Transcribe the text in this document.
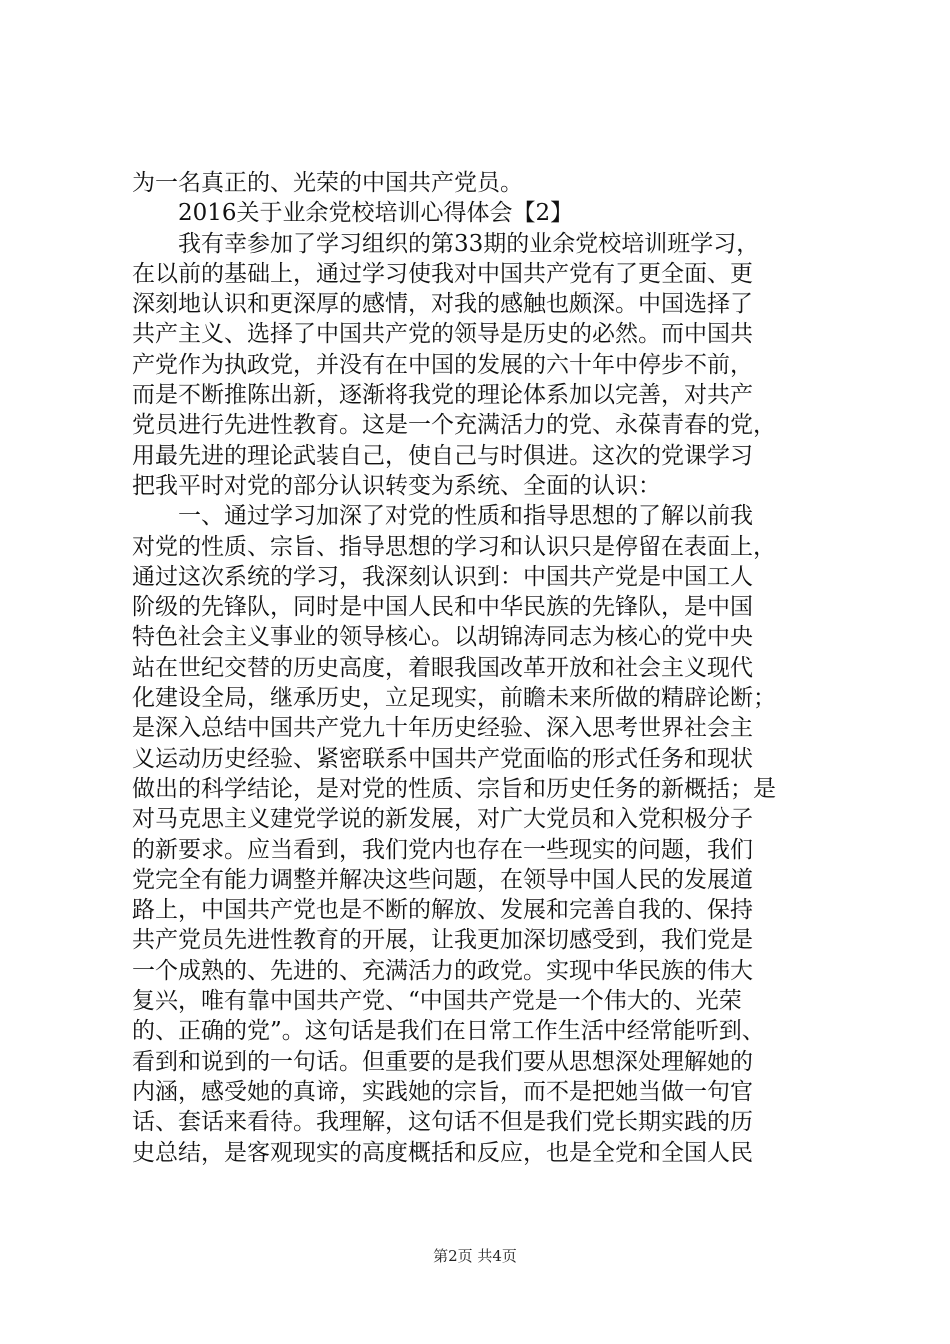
为一名真正的、光荣的中国共产党员。
2016关于业余党校培训心得体会【2】
我有幸参加了学习组织的第33期的业余党校培训班学习，
在以前的基础上，通过学习使我对中国共产党有了更全面、更
深刻地认识和更深厚的感情，对我的感触也颇深。中国选择了
共产主义、选择了中国共产党的领导是历史的必然。而中国共
产党作为执政党，并没有在中国的发展的六十年中停步不前，
而是不断推陈出新，逐渐将我党的理论体系加以完善，对共产
党员进行先进性教育。这是一个充满活力的党、永葆青春的党，
用最先进的理论武装自己，使自己与时俱进。这次的党课学习
把我平时对党的部分认识转变为系统、全面的认识：
一、通过学习加深了对党的性质和指导思想的了解以前我
对党的性质、宗旨、指导思想的学习和认识只是停留在表面上，
通过这次系统的学习，我深刻认识到：中国共产党是中国工人
阶级的先锋队，同时是中国人民和中华民族的先锋队，是中国
特色社会主义事业的领导核心。以胡锦涛同志为核心的党中央
站在世纪交替的历史高度，着眼我国改革开放和社会主义现代
化建设全局，继承历史，立足现实，前瞻未来所做的精辟论断；
是深入总结中国共产党九十年历史经验、深入思考世界社会主
义运动历史经验、紧密联系中国共产党面临的形式任务和现状
做出的科学结论，是对党的性质、宗旨和历史任务的新概括；是
对马克思主义建党学说的新发展，对广大党员和入党积极分子
的新要求。应当看到，我们党内也存在一些现实的问题，我们
党完全有能力调整并解决这些问题，在领导中国人民的发展道
路上，中国共产党也是不断的解放、发展和完善自我的、保持
共产党员先进性教育的开展，让我更加深切感受到，我们党是
一个成熟的、先进的、充满活力的政党。实现中华民族的伟大
复兴，唯有靠中国共产党、“中国共产党是一个伟大的、光荣
的、正确的党”。这句话是我们在日常工作生活中经常能听到、
看到和说到的一句话。但重要的是我们要从思想深处理解她的
内涵，感受她的真谛，实践她的宗旨，而不是把她当做一句官
话、套话来看待。我理解，这句话不但是我们党长期实践的历
史总结，是客观现实的高度概括和反应，也是全党和全国人民
第2页 共4页
